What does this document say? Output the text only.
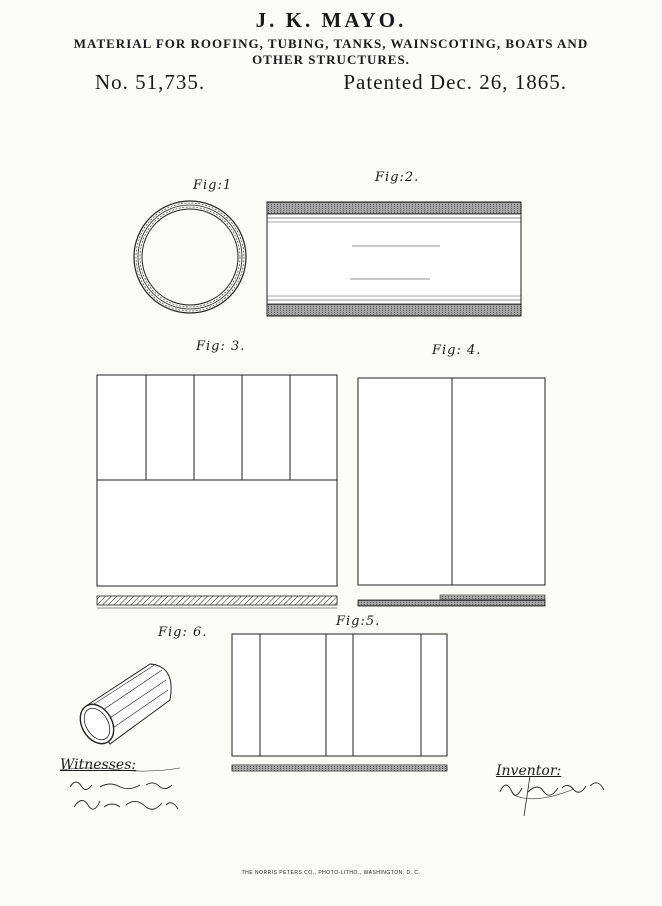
J. K. MAYO.
MATERIAL FOR ROOFING, TUBING, TANKS, WAINSCOTING, BOATS AND
OTHER STRUCTURES.
No. 51,735.	Patented Dec. 26, 1865.
Fig:1
Fig:2.
Fig: 3.	Fig: 4.
Fig:5.
Fig: 6.
Witnesses:	Inventor:
THE NORRIS PETERS CO., PHOTO-LITHO., WASHINGTON, D. C.
